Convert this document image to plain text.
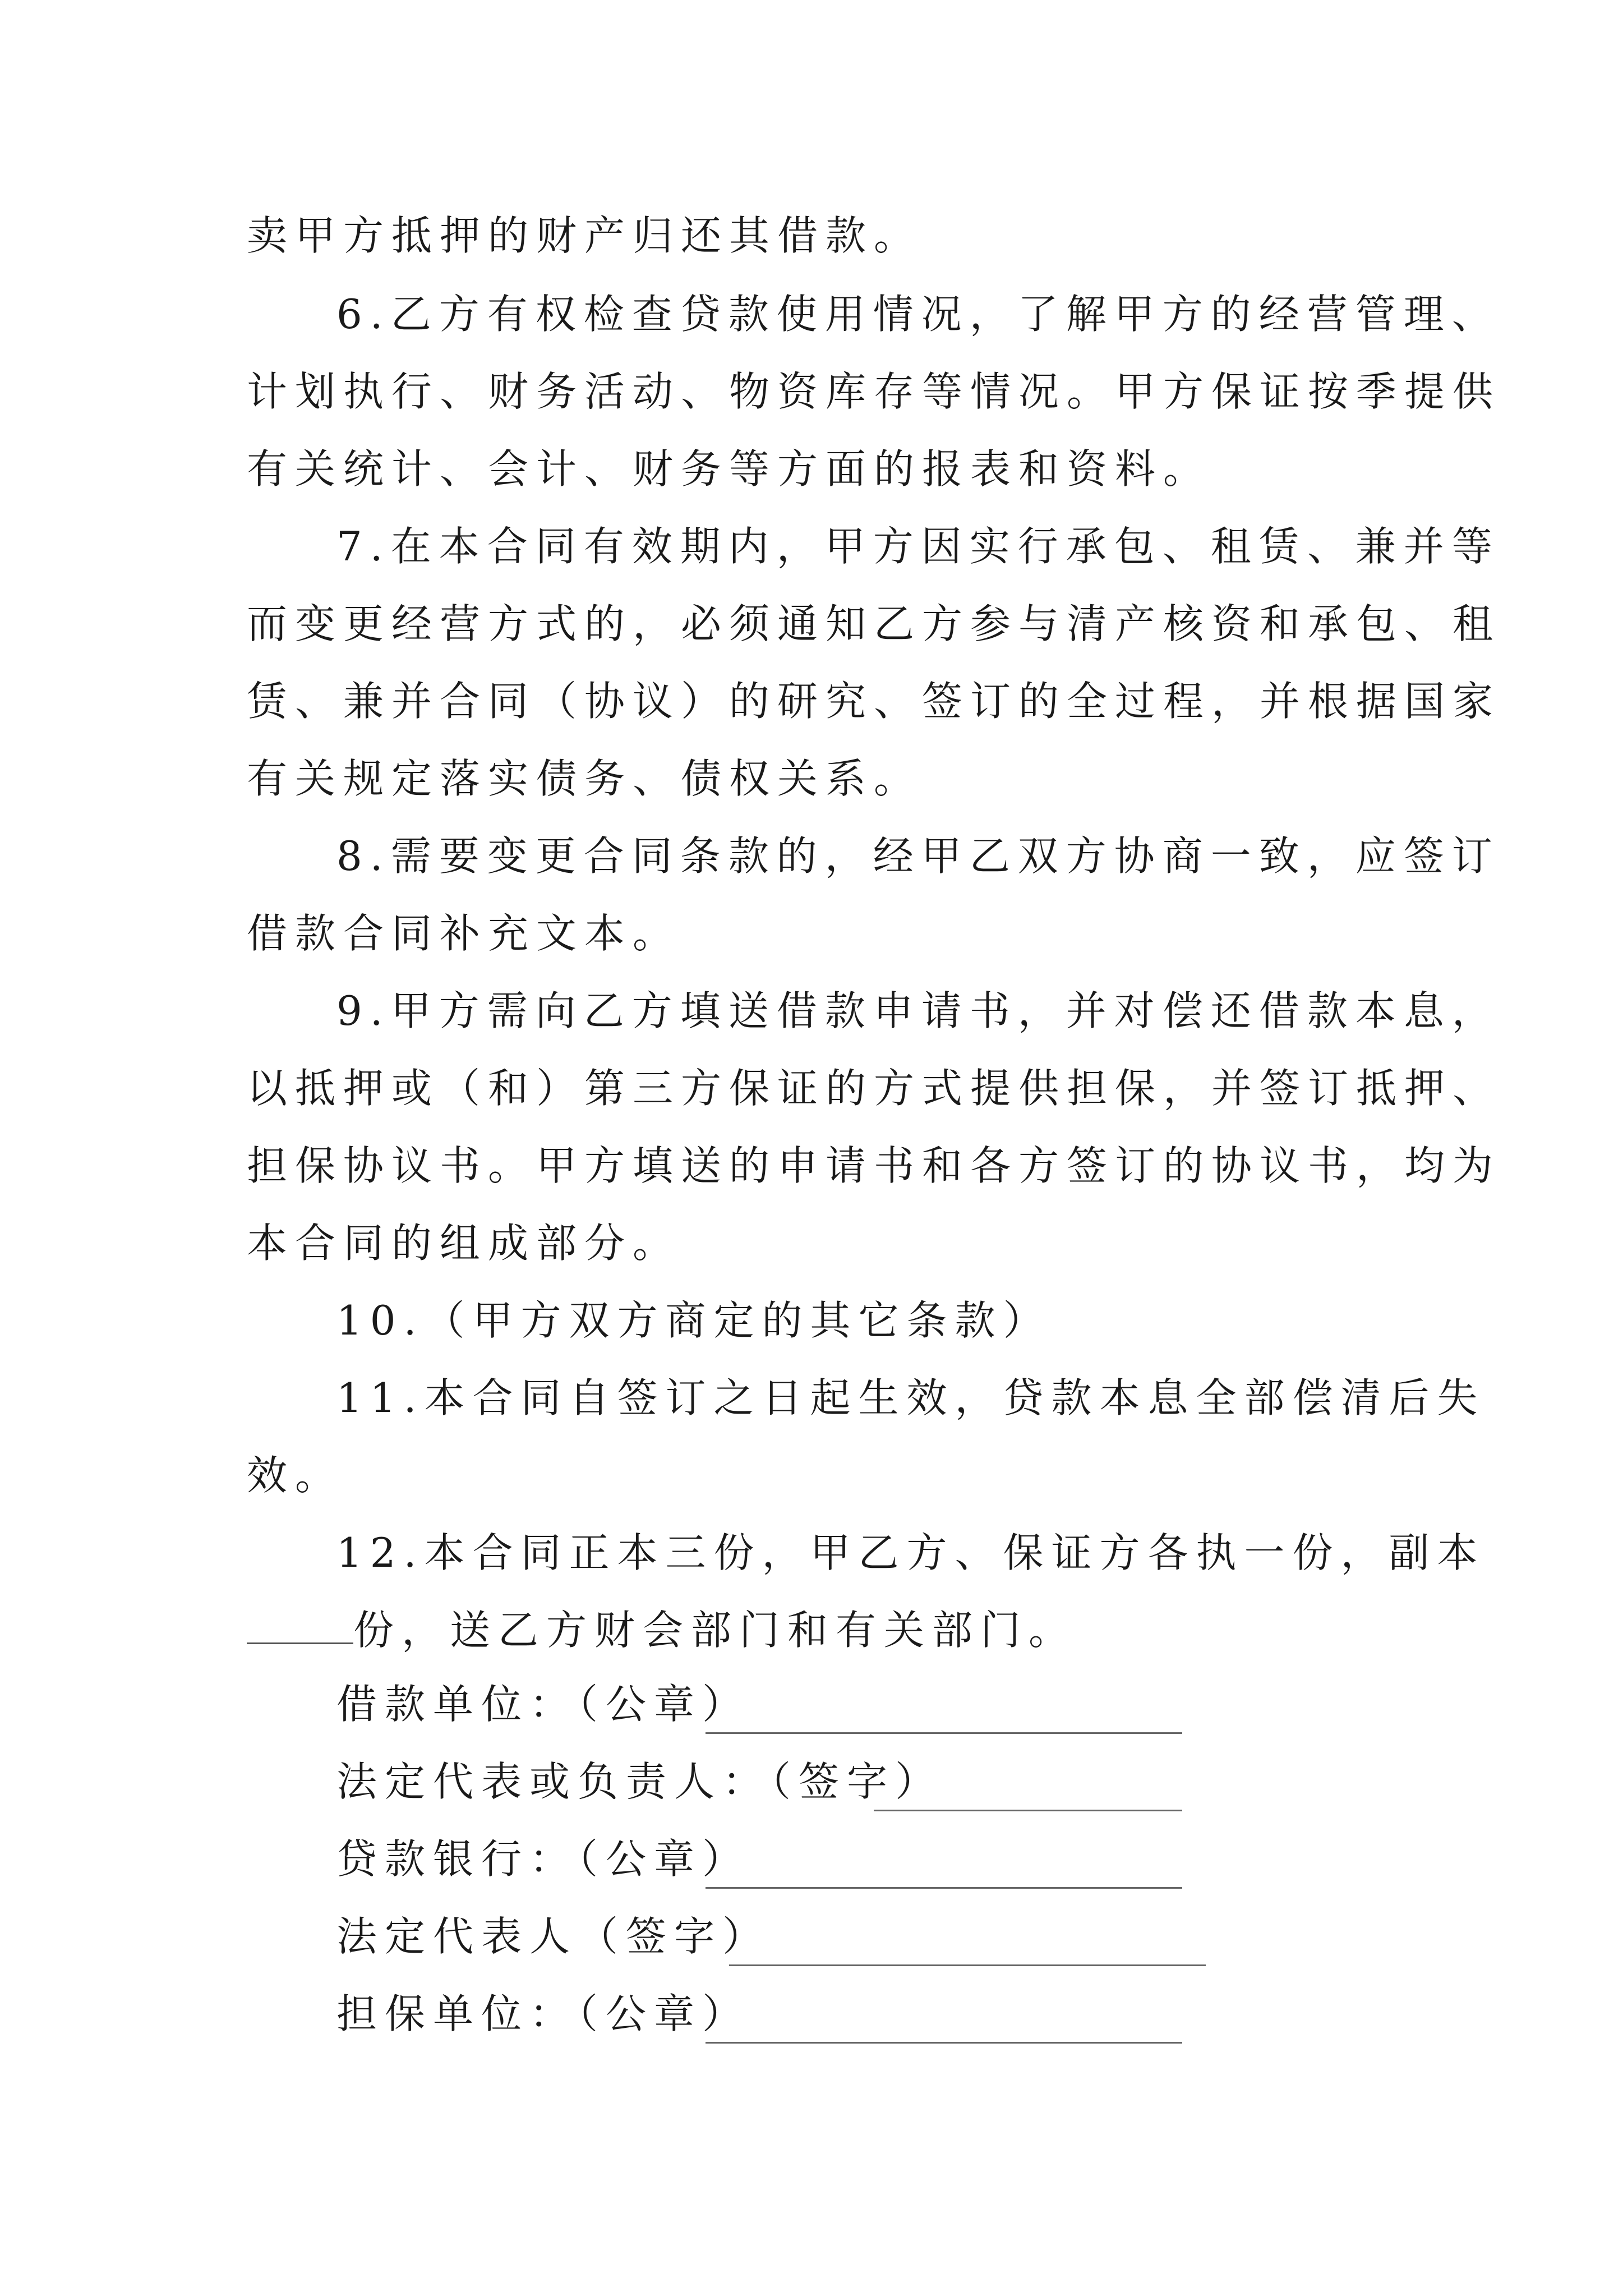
卖甲方抵押的财产归还其借款。
6.乙方有权检查贷款使用情况，了解甲方的经营管理、
计划执行、财务活动、物资库存等情况。甲方保证按季提供
有关统计、会计、财务等方面的报表和资料。
7.在本合同有效期内，甲方因实行承包、租赁、兼并等
而变更经营方式的，必须通知乙方参与清产核资和承包、租
赁、兼并合同（协议）的研究、签订的全过程，并根据国家
有关规定落实债务、债权关系。
8.需要变更合同条款的，经甲乙双方协商一致，应签订
借款合同补充文本。
9.甲方需向乙方填送借款申请书，并对偿还借款本息，
以抵押或（和）第三方保证的方式提供担保，并签订抵押、
担保协议书。甲方填送的申请书和各方签订的协议书，均为
本合同的组成部分。
10.（甲方双方商定的其它条款）
11.本合同自签订之日起生效，贷款本息全部偿清后失
效。
12.本合同正本三份，甲乙方、保证方各执一份，副本
份，送乙方财会部门和有关部门。
借款单位：（公章）
法定代表或负责人：（签字）
贷款银行：（公章）
法定代表人（签字）
担保单位：（公章）
